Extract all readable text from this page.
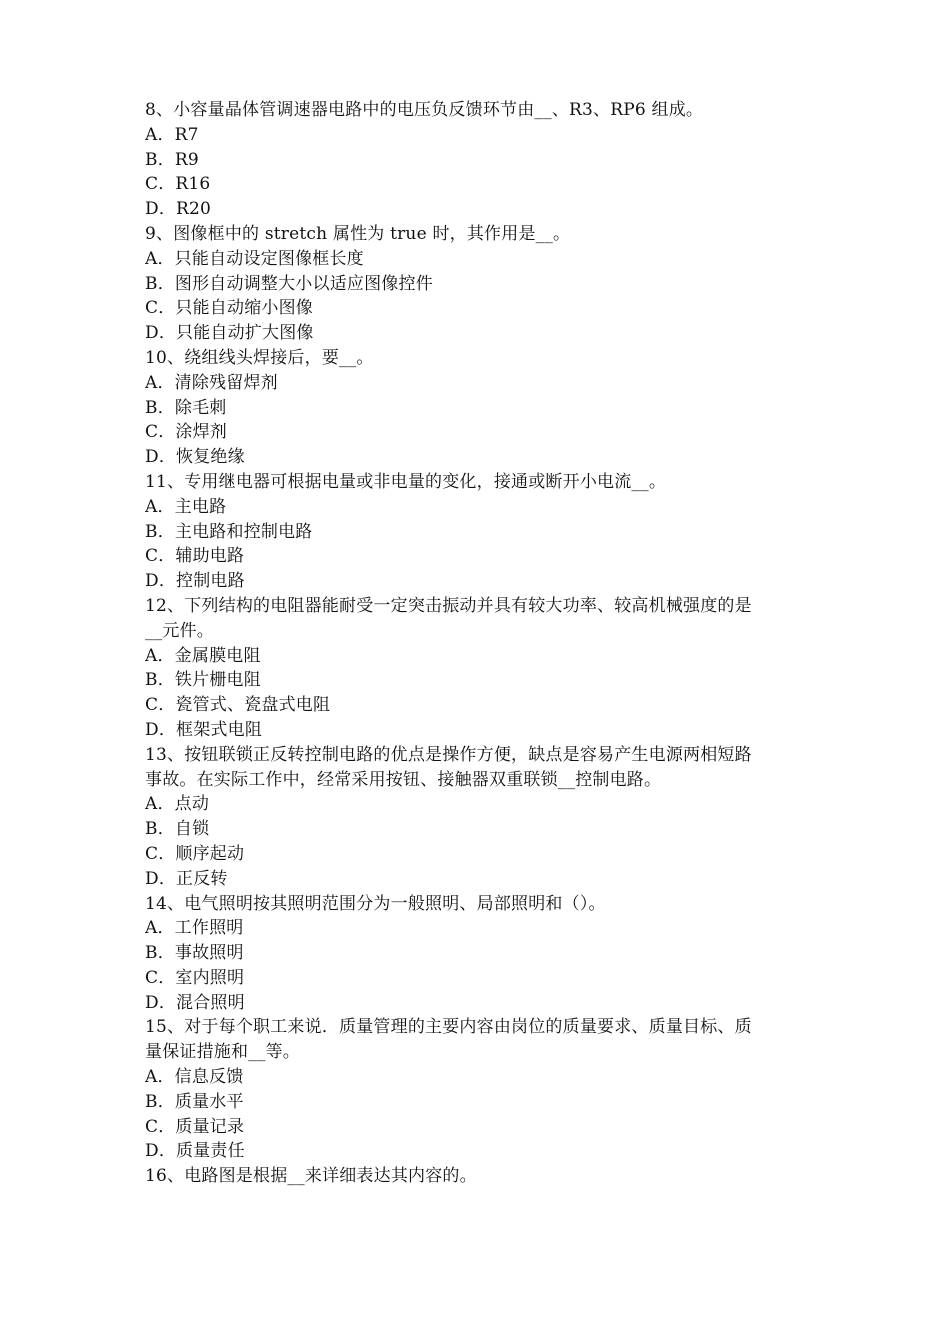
8、小容量晶体管调速器电路中的电压负反馈环节由__、R3、RP6 组成。
A．R7
B．R9
C．R16
D．R20
9、图像框中的 stretch 属性为 true 时，其作用是__。
A．只能自动设定图像框长度
B．图形自动调整大小以适应图像控件
C．只能自动缩小图像
D．只能自动扩大图像
10、绕组线头焊接后，要__。
A．清除残留焊剂
B．除毛刺
C．涂焊剂
D．恢复绝缘
11、专用继电器可根据电量或非电量的变化，接通或断开小电流__。
A．主电路
B．主电路和控制电路
C．辅助电路
D．控制电路
12、下列结构的电阻器能耐受一定突击振动并具有较大功率、较高机械强度的是
__元件。
A．金属膜电阻
B．铁片栅电阻
C．瓷管式、瓷盘式电阻
D．框架式电阻
13、按钮联锁正反转控制电路的优点是操作方便，缺点是容易产生电源两相短路
事故。在实际工作中，经常采用按钮、接触器双重联锁__控制电路。
A．点动
B．自锁
C．顺序起动
D．正反转
14、电气照明按其照明范围分为一般照明、局部照明和（）。
A．工作照明
B．事故照明
C．室内照明
D．混合照明
15、对于每个职工来说．质量管理的主要内容由岗位的质量要求、质量目标、质
量保证措施和__等。
A．信息反馈
B．质量水平
C．质量记录
D．质量责任
16、电路图是根据__来详细表达其内容的。
